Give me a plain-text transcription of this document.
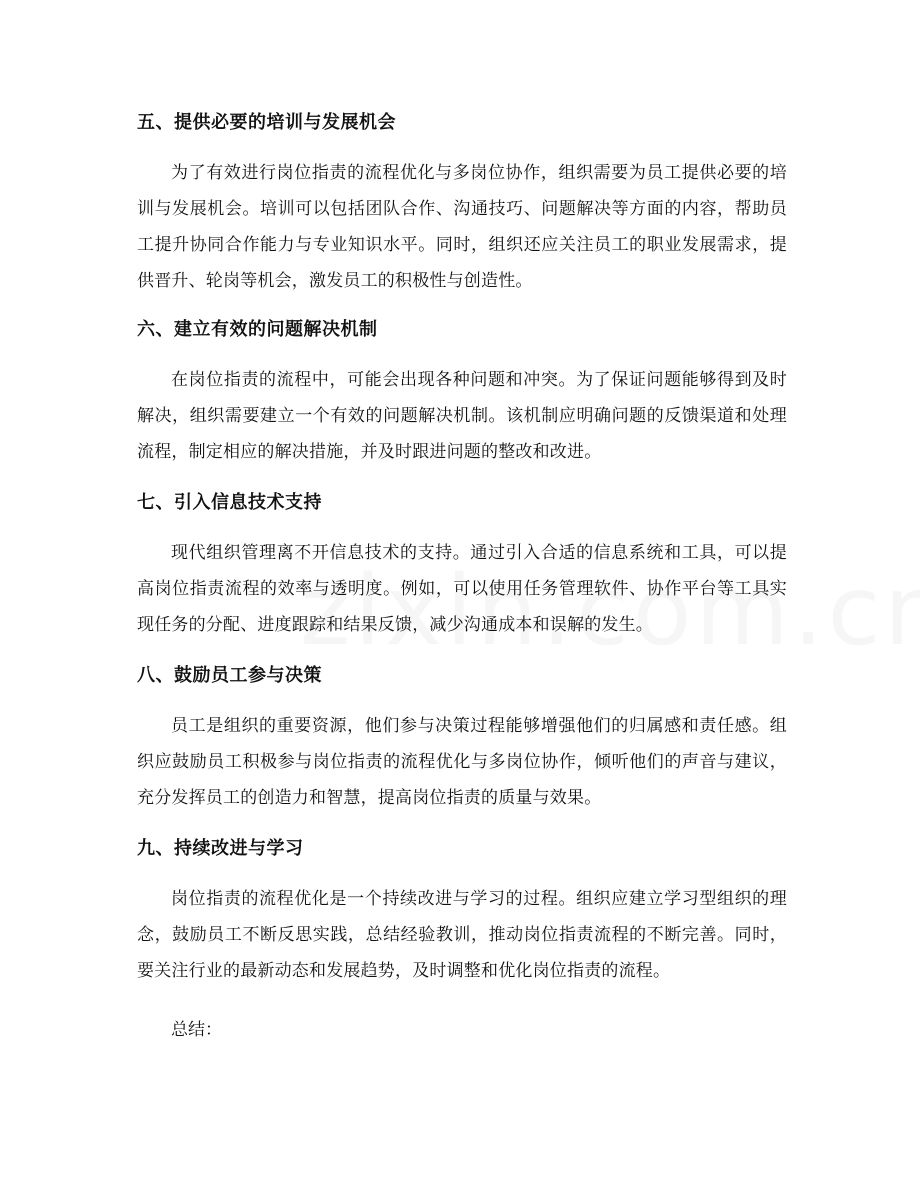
五、提供必要的培训与发展机会
为了有效进行岗位指责的流程优化与多岗位协作，组织需要为员工提供必要的培训与发展机会。培训可以包括团队合作、沟通技巧、问题解决等方面的内容，帮助员工提升协同合作能力与专业知识水平。同时，组织还应关注员工的职业发展需求，提供晋升、轮岗等机会，激发员工的积极性与创造性。
六、建立有效的问题解决机制
在岗位指责的流程中，可能会出现各种问题和冲突。为了保证问题能够得到及时解决，组织需要建立一个有效的问题解决机制。该机制应明确问题的反馈渠道和处理流程，制定相应的解决措施，并及时跟进问题的整改和改进。
七、引入信息技术支持
现代组织管理离不开信息技术的支持。通过引入合适的信息系统和工具，可以提高岗位指责流程的效率与透明度。例如，可以使用任务管理软件、协作平台等工具实现任务的分配、进度跟踪和结果反馈，减少沟通成本和误解的发生。
八、鼓励员工参与决策
员工是组织的重要资源，他们参与决策过程能够增强他们的归属感和责任感。组织应鼓励员工积极参与岗位指责的流程优化与多岗位协作，倾听他们的声音与建议，充分发挥员工的创造力和智慧，提高岗位指责的质量与效果。
九、持续改进与学习
岗位指责的流程优化是一个持续改进与学习的过程。组织应建立学习型组织的理念，鼓励员工不断反思实践，总结经验教训，推动岗位指责流程的不断完善。同时，要关注行业的最新动态和发展趋势，及时调整和优化岗位指责的流程。
总结：
